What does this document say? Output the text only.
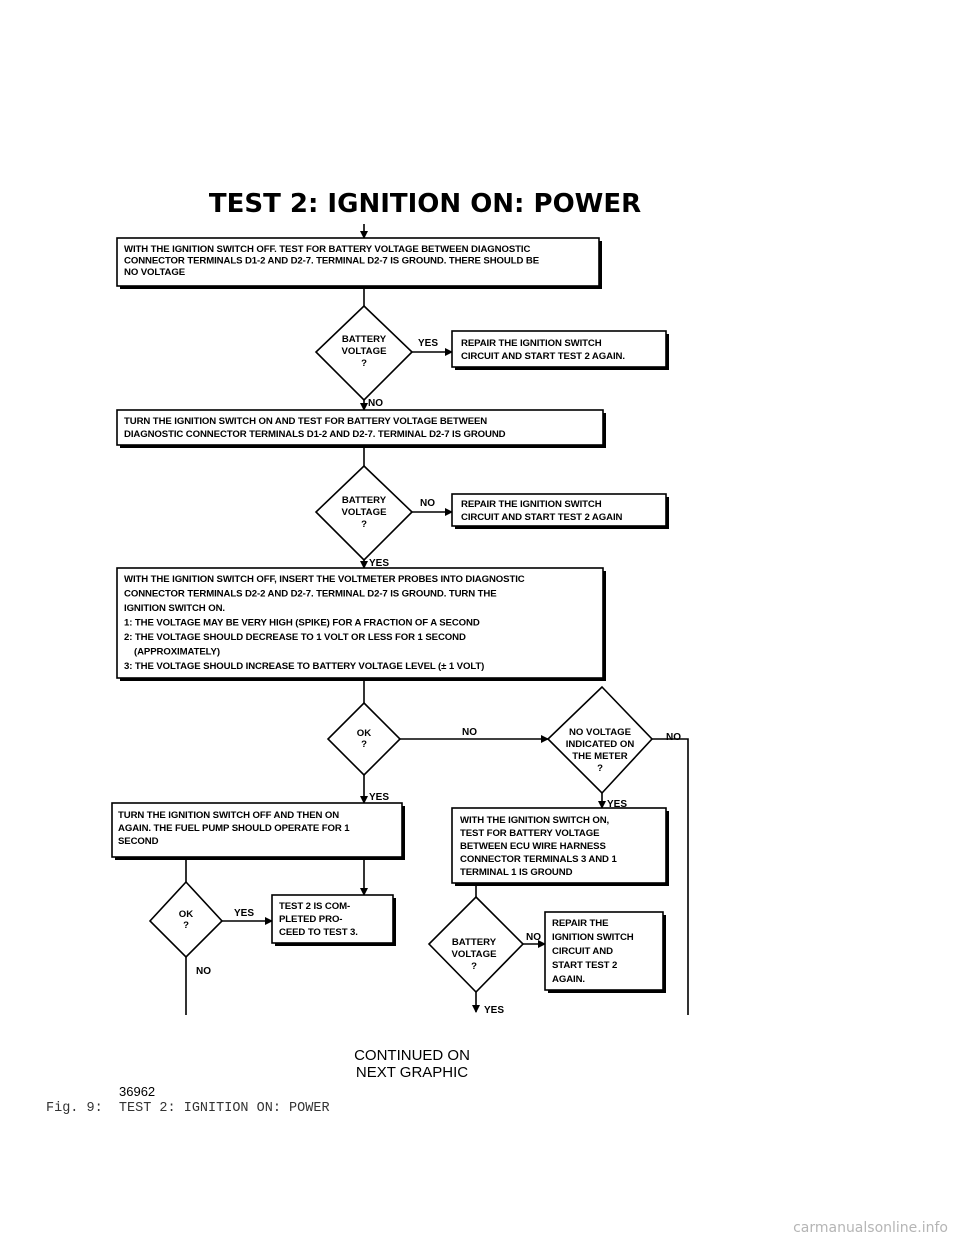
TEST 2: IGNITION ON: POWER
WITH THE IGNITION SWITCH OFF. TEST FOR BATTERY VOLTAGE BETWEEN DIAGNOSTIC CONNECTOR TERMINALS D1-2 AND D2-7. TERMINAL D2-7 IS GROUND. THERE SHOULD BE NO VOLTAGE
REPAIR THE IGNITION SWITCH CIRCUIT AND START TEST 2 AGAIN.
TURN THE IGNITION SWITCH ON AND TEST FOR BATTERY VOLTAGE BETWEEN DIAGNOSTIC CONNECTOR TERMINALS D1-2 AND D2-7. TERMINAL D2-7 IS GROUND
REPAIR THE IGNITION SWITCH CIRCUIT AND START TEST 2 AGAIN
WITH THE IGNITION SWITCH OFF, INSERT THE VOLTMETER PROBES INTO DIAGNOSTIC CONNECTOR TERMINALS D2-2 AND D2-7. TERMINAL D2-7 IS GROUND. TURN THE IGNITION SWITCH ON. 1: THE VOLTAGE MAY BE VERY HIGH (SPIKE) FOR A FRACTION OF A SECOND 2: THE VOLTAGE SHOULD DECREASE TO 1 VOLT OR LESS FOR 1 SECOND (APPROXIMATELY) 3: THE VOLTAGE SHOULD INCREASE TO BATTERY VOLTAGE LEVEL (± 1 VOLT)
TURN THE IGNITION SWITCH OFF AND THEN ON AGAIN. THE FUEL PUMP SHOULD OPERATE FOR 1 SECOND
WITH THE IGNITION SWITCH ON, TEST FOR BATTERY VOLTAGE BETWEEN ECU WIRE HARNESS CONNECTOR TERMINALS 3 AND 1 TERMINAL 1 IS GROUND
TEST 2 IS COM-PLETED PRO-CEED TO TEST 3.
REPAIR THE IGNITION SWITCH CIRCUIT AND START TEST 2 AGAIN.
BATTERY VOLTAGE ?
BATTERY VOLTAGE ?
OK ?
NO VOLTAGE INDICATED ON THE METER ?
OK ?
BATTERY VOLTAGE ?
YES
NO
NO
YES
NO
YES
NO
YES
YES
NO
NO
YES
CONTINUED ON NEXT GRAPHIC
36962
Fig. 9:  TEST 2: IGNITION ON: POWER
carmanualsonline.info
